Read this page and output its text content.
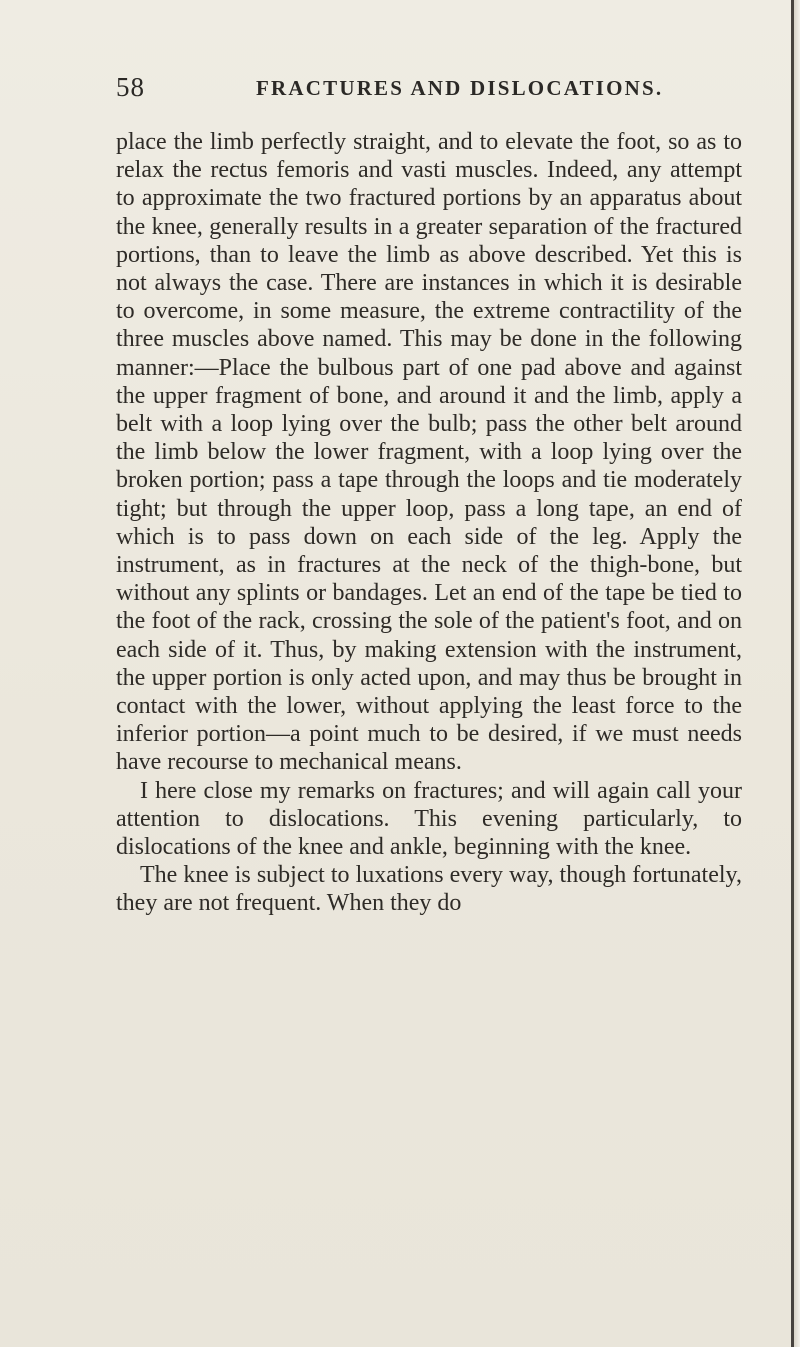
58	FRACTURES AND DISLOCATIONS.

place the limb perfectly straight, and to elevate the foot, so as to relax the rectus femoris and vasti muscles. Indeed, any attempt to approximate the two fractured portions by an apparatus about the knee, generally results in a greater separation of the fractured portions, than to leave the limb as above described. Yet this is not always the case. There are instances in which it is desirable to overcome, in some measure, the extreme contractility of the three muscles above named. This may be done in the following manner:—Place the bulbous part of one pad above and against the upper fragment of bone, and around it and the limb, apply a belt with a loop lying over the bulb; pass the other belt around the limb below the lower fragment, with a loop lying over the broken portion; pass a tape through the loops and tie moderately tight; but through the upper loop, pass a long tape, an end of which is to pass down on each side of the leg. Apply the instrument, as in fractures at the neck of the thigh-bone, but without any splints or bandages. Let an end of the tape be tied to the foot of the rack, crossing the sole of the patient's foot, and on each side of it. Thus, by making extension with the instrument, the upper portion is only acted upon, and may thus be brought in contact with the lower, without applying the least force to the inferior portion—a point much to be desired, if we must needs have recourse to mechanical means.

I here close my remarks on fractures; and will again call your attention to dislocations. This evening particularly, to dislocations of the knee and ankle, beginning with the knee.

The knee is subject to luxations every way, though fortunately, they are not frequent. When they do
